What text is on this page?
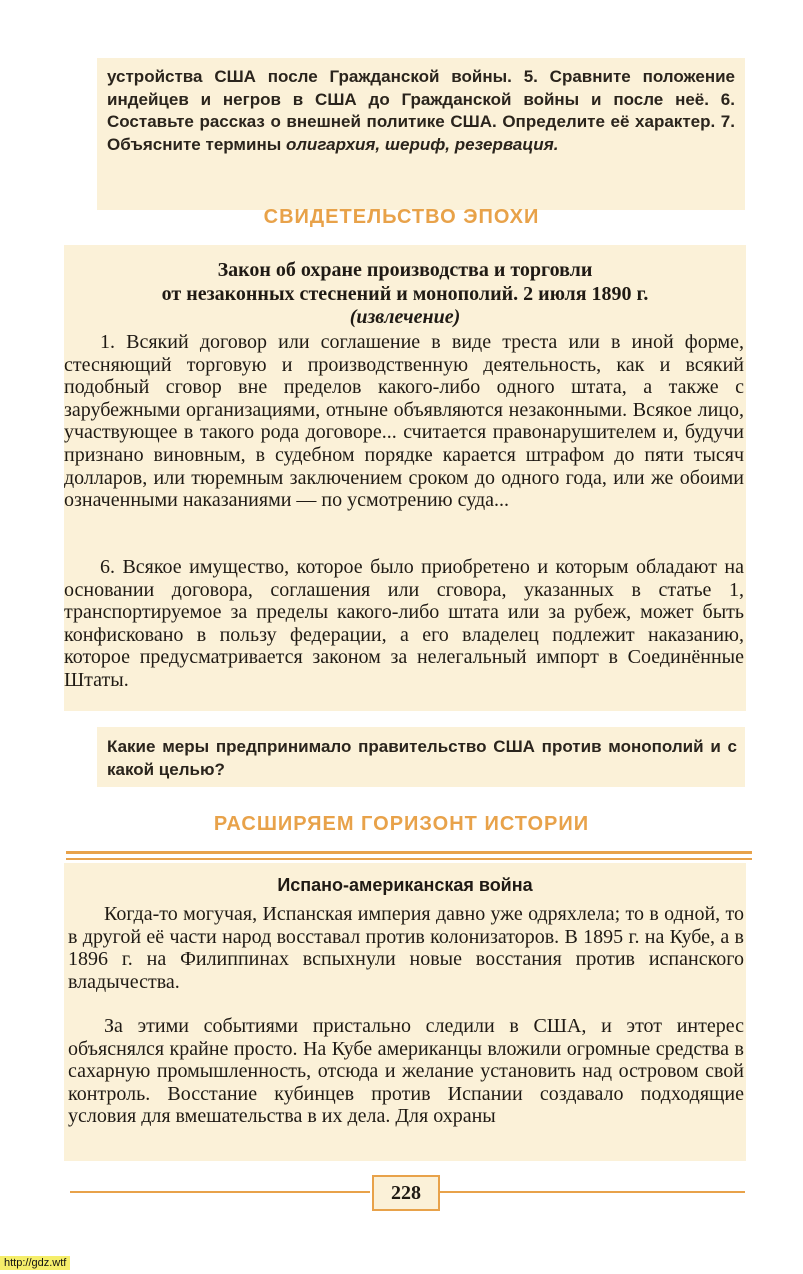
устройства США после Гражданской войны. 5. Сравните положение индейцев и негров в США до Гражданской войны и после неё. 6. Составьте рассказ о внешней политике США. Определите её характер. 7. Объясните термины олигархия, шериф, резервация.
СВИДЕТЕЛЬСТВО ЭПОХИ
Закон об охране производства и торговли
от незаконных стеснений и монополий. 2 июля 1890 г.
(извлечение)
1. Всякий договор или соглашение в виде треста или в иной форме, стесняющий торговую и производственную деятельность, как и всякий подобный сговор вне пределов какого-либо одного штата, а также с зарубежными организациями, отныне объявляются незаконными. Всякое лицо, участвующее в такого рода договоре... считается правонарушителем и, будучи признано виновным, в судебном порядке карается штрафом до пяти тысяч долларов, или тюремным заключением сроком до одного года, или же обоими означенными наказаниями — по усмотрению суда...
6. Всякое имущество, которое было приобретено и которым обладают на основании договора, соглашения или сговора, указанных в статье 1, транспортируемое за пределы какого-либо штата или за рубеж, может быть конфисковано в пользу федерации, а его владелец подлежит наказанию, которое предусматривается законом за нелегальный импорт в Соединённые Штаты.
Какие меры предпринимало правительство США против монополий и с какой целью?
РАСШИРЯЕМ ГОРИЗОНТ ИСТОРИИ
Испано-американская война
Когда-то могучая, Испанская империя давно уже одряхлела; то в одной, то в другой её части народ восставал против колонизаторов. В 1895 г. на Кубе, а в 1896 г. на Филиппинах вспыхнули новые восстания против испанского владычества.
За этими событиями пристально следили в США, и этот интерес объяснялся крайне просто. На Кубе американцы вложили огромные средства в сахарную промышленность, отсюда и желание установить над островом свой контроль. Восстание кубинцев против Испании создавало подходящие условия для вмешательства в их дела. Для охраны
228
http://gdz.wtf
